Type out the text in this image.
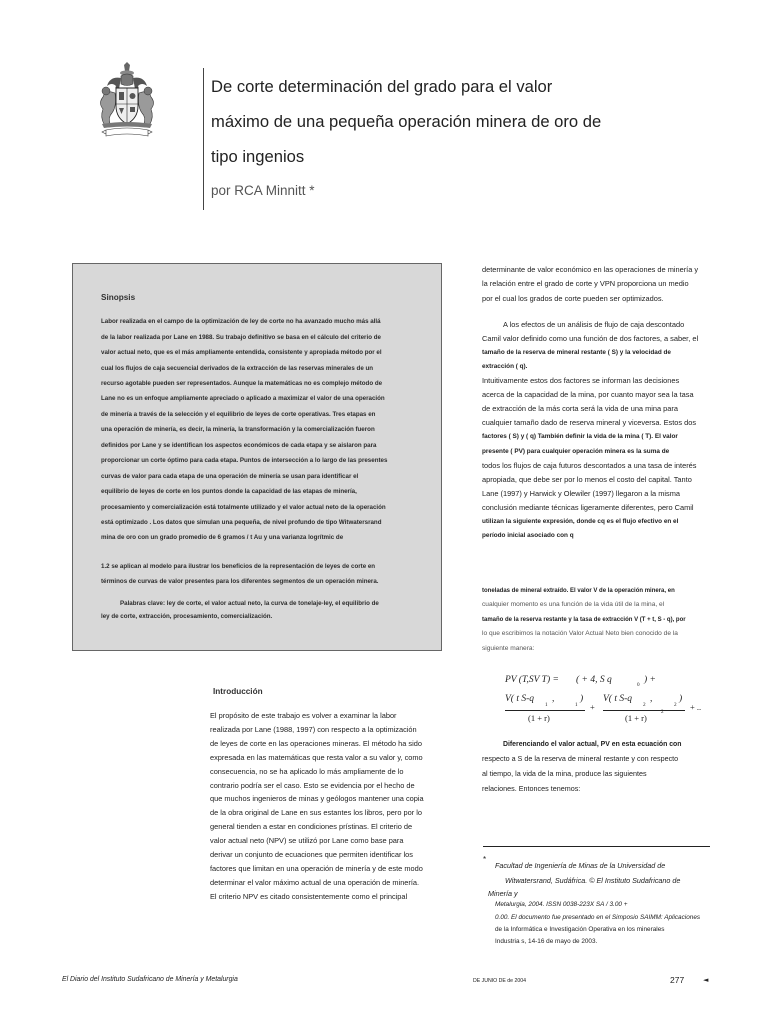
De corte determinación del grado para el valor
máximo de una pequeña operación minera de oro de
tipo ingenios
por RCA Minnitt *
Sinopsis
Labor realizada en el campo de la optimización de ley de corte no ha avanzado mucho más allá
de la labor realizada por Lane en 1988. Su trabajo definitivo se basa en el cálculo del criterio de
valor actual neto, que es el más ampliamente entendida, consistente y apropiada método por el
cual los flujos de caja secuencial derivados de la extracción de las reservas minerales de un
recurso agotable pueden ser representados. Aunque la matemáticas no es complejo método de
Lane no es un enfoque ampliamente apreciado o aplicado a maximizar el valor de una operación
de minería a través de la selección y el equilibrio de leyes de corte operativas. Tres etapas en
una operación de minería, es decir, la minería, la transformación y la comercialización fueron
definidos por Lane y se identifican los aspectos económicos de cada etapa y se aislaron para
proporcionar un corte óptimo para cada etapa. Puntos de intersección a lo largo de las presentes
curvas de valor para cada etapa de una operación de minería se usan para identificar el
equilibrio de leyes de corte en los puntos donde la capacidad de las etapas de minería,
procesamiento y comercialización está totalmente utilizado y el valor actual neto de la operación
está optimizado . Los datos que simulan una pequeña, de nivel profundo de tipo Witwatersrand
mina de oro con un grado promedio de 6 gramos / t Au y una varianza logrítmic de
1.2 se aplican al modelo para ilustrar los beneficios de la representación de leyes de corte en
términos de curvas de valor presentes para los diferentes segmentos de un operación minera.
Palabras clave: ley de corte, el valor actual neto, la curva de tonelaje-ley, el equilibrio de
ley de corte, extracción, procesamiento, comercialización.
determinante de valor económico en las operaciones de minería y
la relación entre el grado de corte y VPN proporciona un medio
por el cual los grados de corte pueden ser optimizados.
A los efectos de un análisis de flujo de caja descontado
Camil valor definido como una función de dos factores, a saber, el
tamaño de la reserva de mineral restante ( S) y la velocidad de
extracción ( q).
Intuitivamente estos dos factores se informan las decisiones
acerca de la capacidad de la mina, por cuanto mayor sea la tasa
de extracción de la más corta será la vida de una mina para
cualquier tamaño dado de reserva mineral y viceversa. Estos dos
factores ( S) y ( q) También definir la vida de la mina ( T). El valor
presente ( PV) para cualquier operación minera es la suma de
todos los flujos de caja futuros descontados a una tasa de interés
apropiada, que debe ser por lo menos el costo del capital. Tanto
Lane (1997) y Harwick y Olewiler (1997) llegaron a la misma
conclusión mediante técnicas ligeramente diferentes, pero Camil
utilizan la siguiente expresión, donde cq es el flujo efectivo en el
período inicial asociado con q
toneladas de mineral extraído. El valor V de la operación minera, en
cualquier momento es una función de la vida útil de la mina, el
tamaño de la reserva restante y la tasa de extracción V (T + t, S - q), por
lo que escribimos la notación Valor Actual Neto bien conocido de la
siguiente manera:
PV (T,SV T) = ( + 4, S q	0 ) +
V( t S-q
1
,
1
)
(1 + r)
+
V( t S-q
2
,
2
)
(1 + r)
2	+ ..
Diferenciando el valor actual, PV en esta ecuación con
respecto a S de la reserva de mineral restante y con respecto
al tiempo, la vida de la mina, produce las siguientes
relaciones. Entonces tenemos:
*
Facultad de Ingeniería de Minas de la Universidad de
Witwatersrand, Sudáfrica. © El Instituto Sudafricano de
Minería y
Metalurgia, 2004. ISSN 0038-223X SA / 3.00 +
0.00. El documento fue presentado en el Simposio SAIMM: Aplicaciones
de la Informática e Investigación Operativa en los minerales
Industria s, 14-16 de mayo de 2003.
Introducción
El propósito de este trabajo es volver a examinar la labor
realizada por Lane (1988, 1997) con respecto a la optimización
de leyes de corte en las operaciones mineras. El método ha sido
expresada en las matemáticas que resta valor a su valor y, como
consecuencia, no se ha aplicado lo más ampliamente de lo
contrario podría ser el caso. Esto se evidencia por el hecho de
que muchos ingenieros de minas y geólogos mantener una copia
de la obra original de Lane en sus estantes los libros, pero por lo
general tienden a estar en condiciones prístinas. El criterio de
valor actual neto (NPV) se utilizó por Lane como base para
derivar un conjunto de ecuaciones que permiten identificar los
factores que limitan en una operación de minería y de este modo
determinar el valor máximo actual de una operación de minería.
El criterio NPV es citado consistentemente como el principal
El Diario del Instituto Sudafricano de Minería y Metalurgia	DE JUNIO DE de 2004	277	◄
